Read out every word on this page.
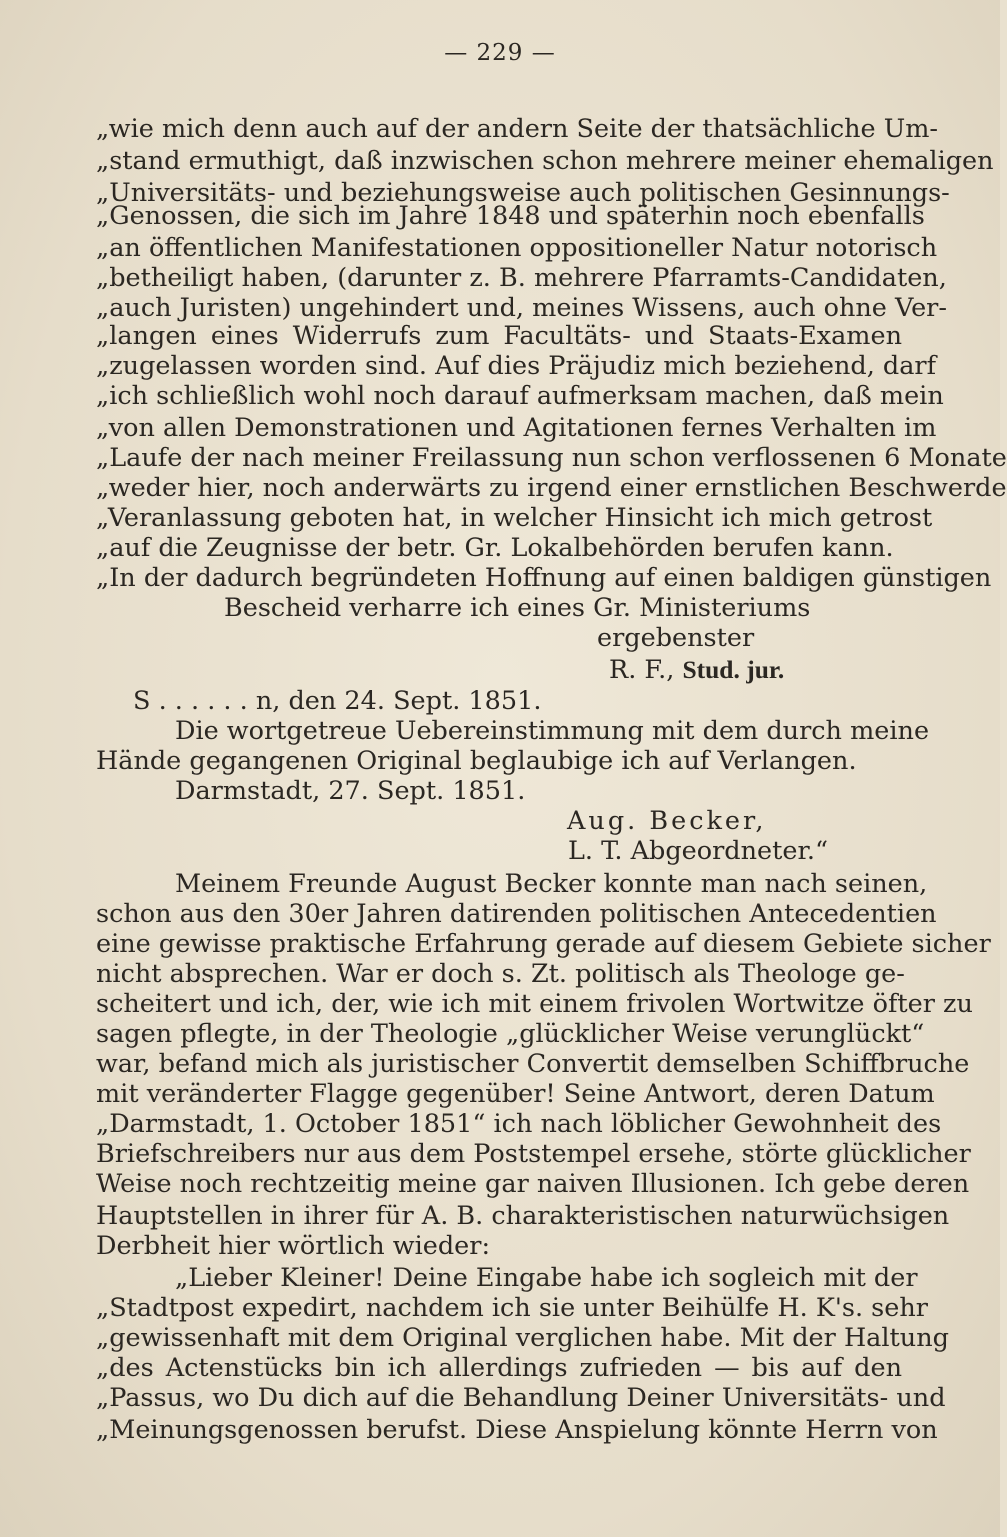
— 229 —
„wie mich denn auch auf der andern Seite der thatsächliche Um-
„stand ermuthigt, daß inzwischen schon mehrere meiner ehemaligen
„Universitäts- und beziehungsweise auch politischen Gesinnungs-
„Genossen, die sich im Jahre 1848 und späterhin noch ebenfalls
„an öffentlichen Manifestationen oppositioneller Natur notorisch
„betheiligt haben, (darunter z. B. mehrere Pfarramts-Candidaten,
„auch Juristen) ungehindert und, meines Wissens, auch ohne Ver-
„langen eines Widerrufs zum Facultäts- und Staats-Examen
„zugelassen worden sind. Auf dies Präjudiz mich beziehend, darf
„ich schließlich wohl noch darauf aufmerksam machen, daß mein
„von allen Demonstrationen und Agitationen fernes Verhalten im
„Laufe der nach meiner Freilassung nun schon verflossenen 6 Monate
„weder hier, noch anderwärts zu irgend einer ernstlichen Beschwerde
„Veranlassung geboten hat, in welcher Hinsicht ich mich getrost
„auf die Zeugnisse der betr. Gr. Lokalbehörden berufen kann.
„In der dadurch begründeten Hoffnung auf einen baldigen günstigen
Bescheid verharre ich eines Gr. Ministeriums
ergebenster
R. F., Stud. jur.
S . . . . . . n, den 24. Sept. 1851.
Die wortgetreue Uebereinstimmung mit dem durch meine
Hände gegangenen Original beglaubige ich auf Verlangen.
Darmstadt, 27. Sept. 1851.
Aug. Becker,
L. T. Abgeordneter.“
Meinem Freunde August Becker konnte man nach seinen,
schon aus den 30er Jahren datirenden politischen Antecedentien
eine gewisse praktische Erfahrung gerade auf diesem Gebiete sicher
nicht absprechen. War er doch s. Zt. politisch als Theologe ge-
scheitert und ich, der, wie ich mit einem frivolen Wortwitze öfter zu
sagen pflegte, in der Theologie „glücklicher Weise verunglückt“
war, befand mich als juristischer Convertit demselben Schiffbruche
mit veränderter Flagge gegenüber! Seine Antwort, deren Datum
„Darmstadt, 1. October 1851“ ich nach löblicher Gewohnheit des
Briefschreibers nur aus dem Poststempel ersehe, störte glücklicher
Weise noch rechtzeitig meine gar naiven Illusionen. Ich gebe deren
Hauptstellen in ihrer für A. B. charakteristischen naturwüchsigen
Derbheit hier wörtlich wieder:
„Lieber Kleiner! Deine Eingabe habe ich sogleich mit der
„Stadtpost expedirt, nachdem ich sie unter Beihülfe H. K's. sehr
„gewissenhaft mit dem Original verglichen habe. Mit der Haltung
„des Actenstücks bin ich allerdings zufrieden — bis auf den
„Passus, wo Du dich auf die Behandlung Deiner Universitäts- und
„Meinungsgenossen berufst. Diese Anspielung könnte Herrn von
